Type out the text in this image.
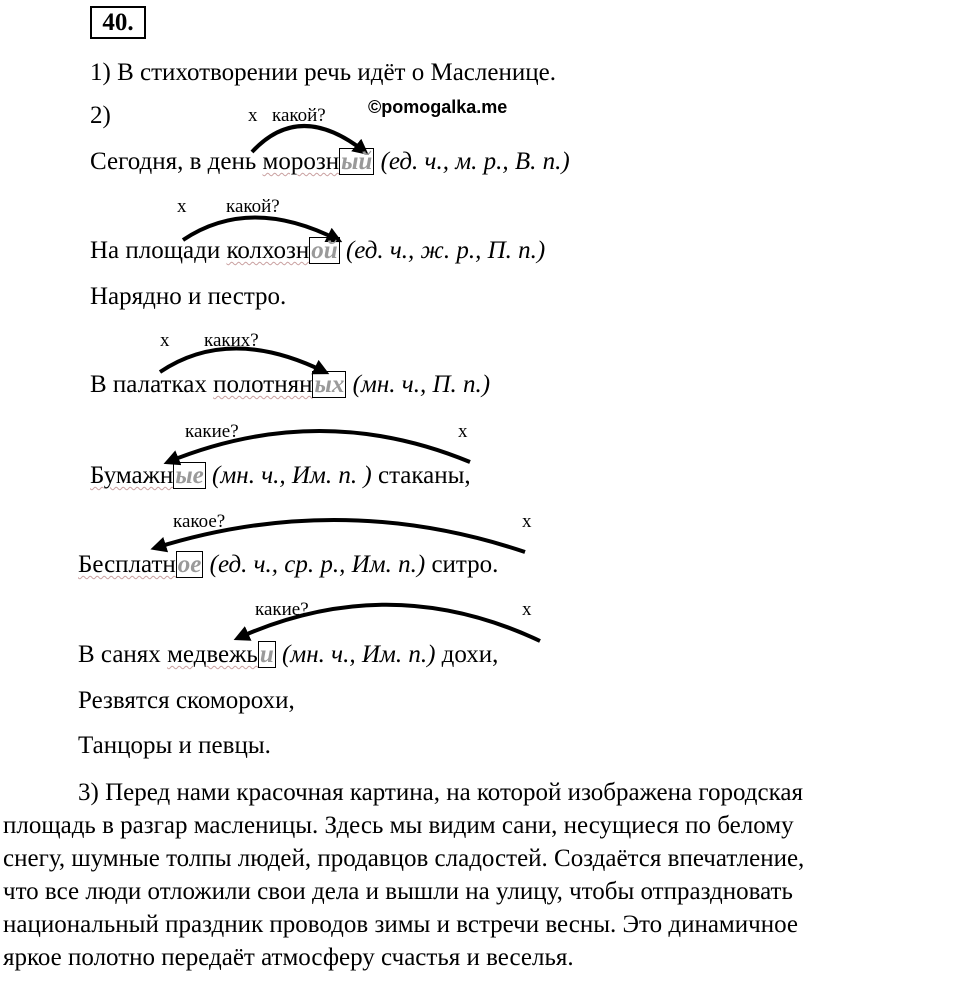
40.
1) В стихотворении речь идёт о Масленице.
2)	©pomogalka.me
x какой?
x какой?
x каких?
какие?	x
какое?	x
какие?	x
Сегодня, в день морозный (ед. ч., м. р., В. п.)
На площади колхозной (ед. ч., ж. р., П. п.)
Нарядно и пестро.
В палатках полотняных (мн. ч., П. п.)
Бумажные (мн. ч., Им. п. ) стаканы,
Бесплатное (ед. ч., ср. р., Им. п.) ситро.
В санях медвежьи (мн. ч., Им. п.) дохи,
Резвятся скоморохи,
Танцоры и певцы.
3) Перед нами красочная картина, на которой изображена городская
площадь в разгар масленицы. Здесь мы видим сани, несущиеся по белому
снегу, шумные толпы людей, продавцов сладостей. Создаётся впечатление,
что все люди отложили свои дела и вышли на улицу, чтобы отпраздновать
национальный праздник проводов зимы и встречи весны. Это динамичное
яркое полотно передаёт атмосферу счастья и веселья.
